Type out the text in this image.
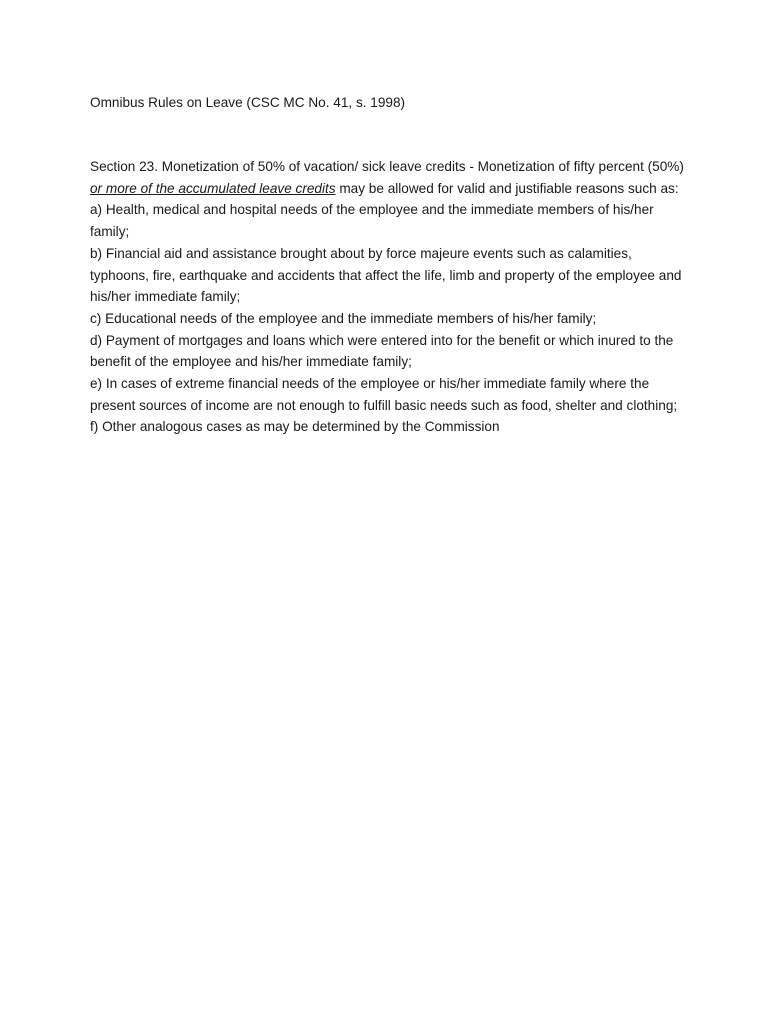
Omnibus Rules on Leave (CSC MC No. 41, s. 1998)

Section 23. Monetization of 50% of vacation/ sick leave credits - Monetization of fifty percent (50%) or more of the accumulated leave credits may be allowed for valid and justifiable reasons such as:

a) Health, medical and hospital needs of the employee and the immediate members of his/her family;

b) Financial aid and assistance brought about by force majeure events such as calamities, typhoons, fire, earthquake and accidents that affect the life, limb and property of the employee and his/her immediate family;

c) Educational needs of the employee and the immediate members of his/her family;

d) Payment of mortgages and loans which were entered into for the benefit or which inured to the benefit of the employee and his/her immediate family;

e) In cases of extreme financial needs of the employee or his/her immediate family where the present sources of income are not enough to fulfill basic needs such as food, shelter and clothing;

f) Other analogous cases as may be determined by the Commission
